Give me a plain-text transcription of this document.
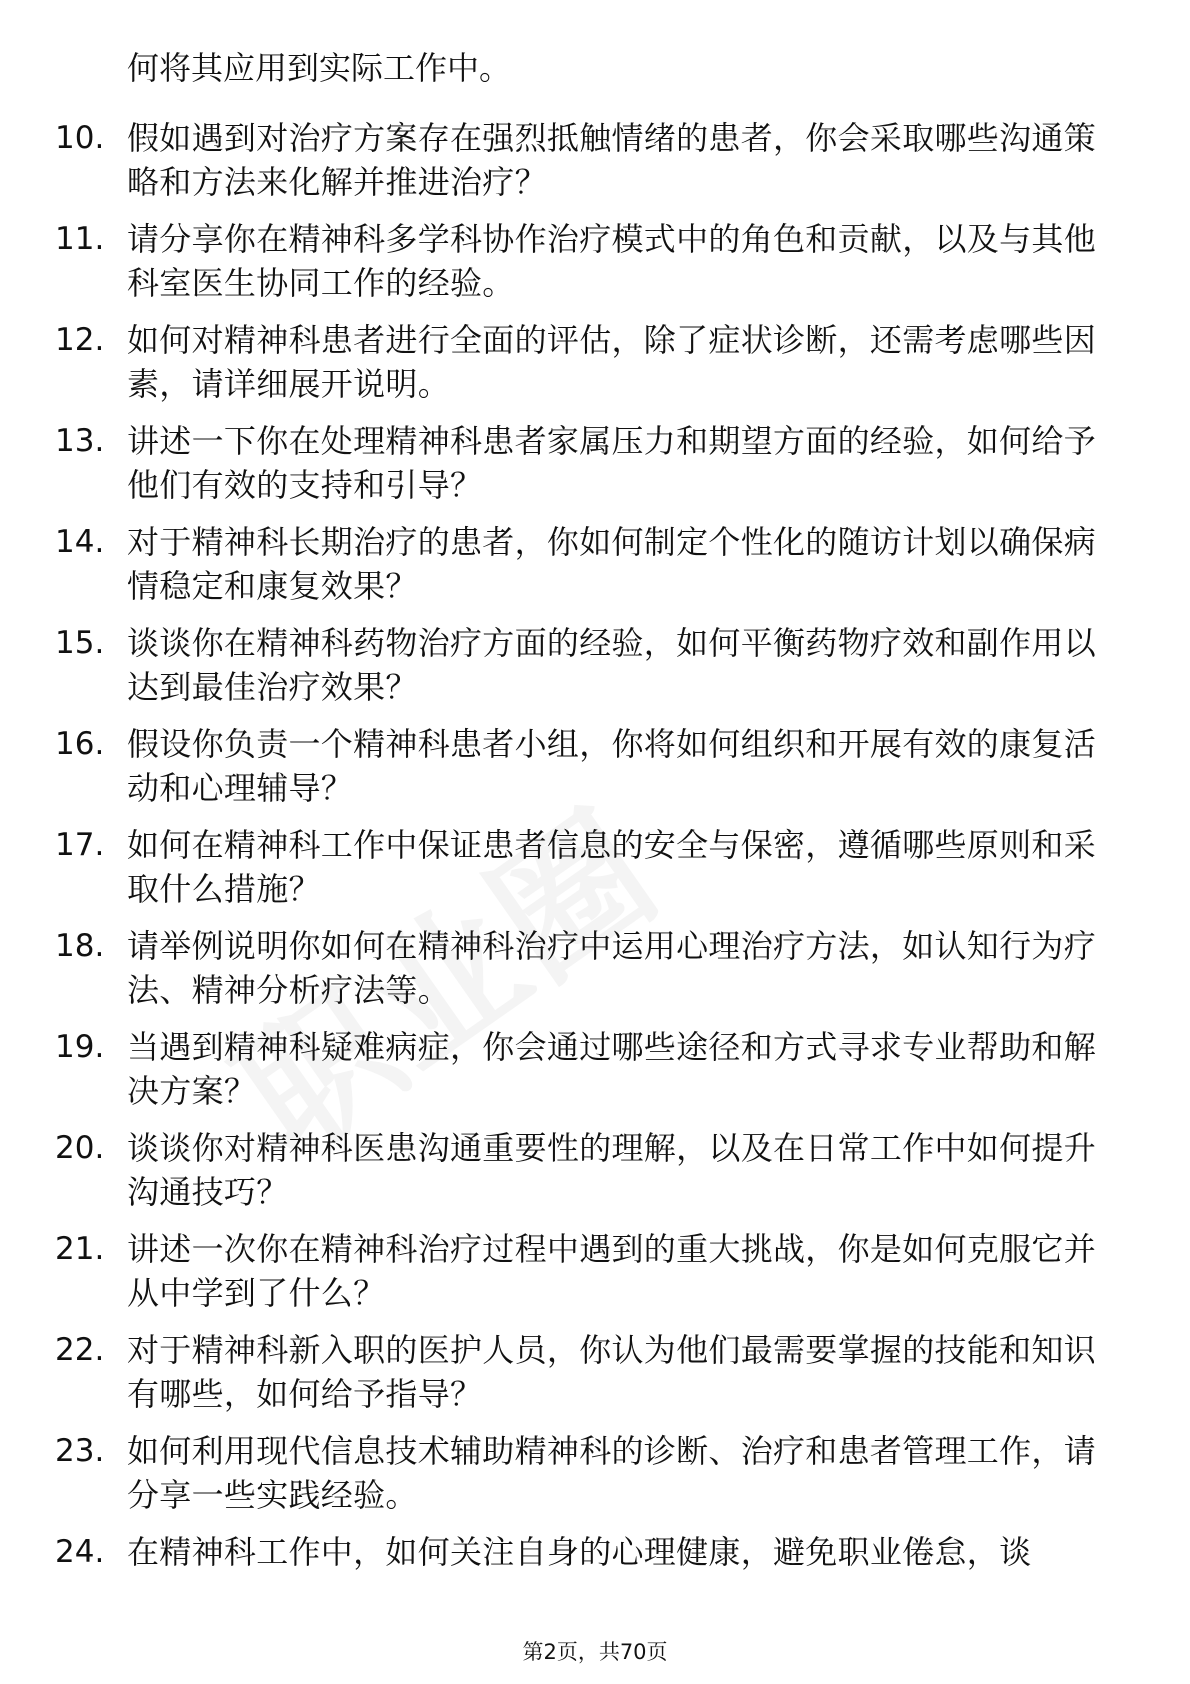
何将其应用到实际工作中。

10. 假如遇到对治疗方案存在强烈抵触情绪的患者，你会采取哪些沟通策略和方法来化解并推进治疗？
11. 请分享你在精神科多学科协作治疗模式中的角色和贡献，以及与其他科室医生协同工作的经验。
12. 如何对精神科患者进行全面的评估，除了症状诊断，还需考虑哪些因素，请详细展开说明。
13. 讲述一下你在处理精神科患者家属压力和期望方面的经验，如何给予他们有效的支持和引导？
14. 对于精神科长期治疗的患者，你如何制定个性化的随访计划以确保病情稳定和康复效果？
15. 谈谈你在精神科药物治疗方面的经验，如何平衡药物疗效和副作用以达到最佳治疗效果？
16. 假设你负责一个精神科患者小组，你将如何组织和开展有效的康复活动和心理辅导？
17. 如何在精神科工作中保证患者信息的安全与保密，遵循哪些原则和采取什么措施？
18. 请举例说明你如何在精神科治疗中运用心理治疗方法，如认知行为疗法、精神分析疗法等。
19. 当遇到精神科疑难病症，你会通过哪些途径和方式寻求专业帮助和解决方案？
20. 谈谈你对精神科医患沟通重要性的理解，以及在日常工作中如何提升沟通技巧？
21. 讲述一次你在精神科治疗过程中遇到的重大挑战，你是如何克服它并从中学到了什么？
22. 对于精神科新入职的医护人员，你认为他们最需要掌握的技能和知识有哪些，如何给予指导？
23. 如何利用现代信息技术辅助精神科的诊断、治疗和患者管理工作，请分享一些实践经验。
24. 在精神科工作中，如何关注自身的心理健康，避免职业倦怠，谈
第2页，共70页
